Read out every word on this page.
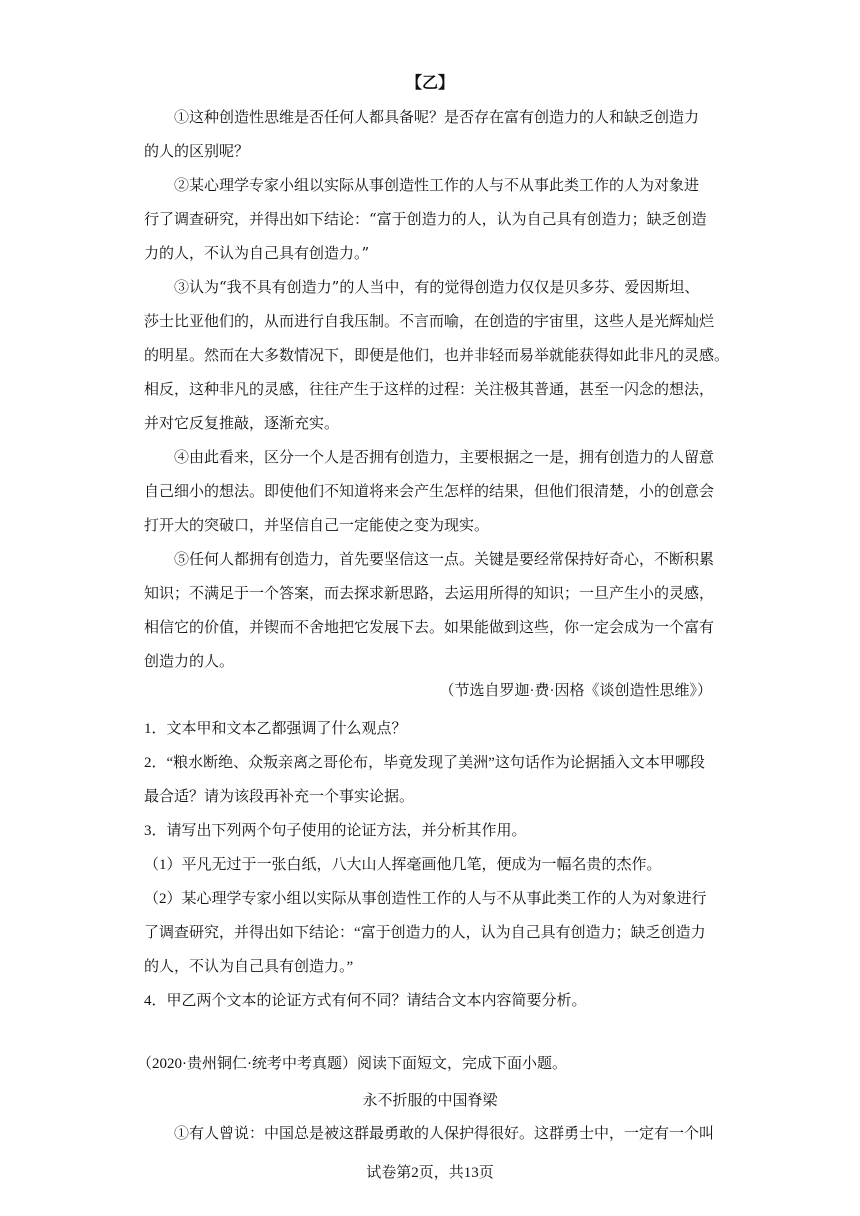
【乙】
①这种创造性思维是否任何人都具备呢？是否存在富有创造力的人和缺乏创造力
的人的区别呢？
②某心理学专家小组以实际从事创造性工作的人与不从事此类工作的人为对象进
行了调查研究，并得出如下结论：“富于创造力的人，认为自己具有创造力；缺乏创造
力的人，不认为自己具有创造力。”
③认为“我不具有创造力”的人当中，有的觉得创造力仅仅是贝多芬、爱因斯坦、
莎士比亚他们的，从而进行自我压制。不言而喻，在创造的宇宙里，这些人是光辉灿烂
的明星。然而在大多数情况下，即便是他们，也并非轻而易举就能获得如此非凡的灵感。
相反，这种非凡的灵感，往往产生于这样的过程：关注极其普通，甚至一闪念的想法，
并对它反复推敲，逐渐充实。
④由此看来，区分一个人是否拥有创造力，主要根据之一是，拥有创造力的人留意
自己细小的想法。即使他们不知道将来会产生怎样的结果，但他们很清楚，小的创意会
打开大的突破口，并坚信自己一定能使之变为现实。
⑤任何人都拥有创造力，首先要坚信这一点。关键是要经常保持好奇心，不断积累
知识；不满足于一个答案，而去探求新思路，去运用所得的知识；一旦产生小的灵感，
相信它的价值，并锲而不舍地把它发展下去。如果能做到这些，你一定会成为一个富有
创造力的人。
（节选自罗迦·费·因格《谈创造性思维》）
1．文本甲和文本乙都强调了什么观点？
2．“粮水断绝、众叛亲离之哥伦布，毕竟发现了美洲”这句话作为论据插入文本甲哪段
最合适？请为该段再补充一个事实论据。
3．请写出下列两个句子使用的论证方法，并分析其作用。
（1）平凡无过于一张白纸，八大山人挥毫画他几笔，便成为一幅名贵的杰作。
（2）某心理学专家小组以实际从事创造性工作的人与不从事此类工作的人为对象进行
了调查研究，并得出如下结论：“富于创造力的人，认为自己具有创造力；缺乏创造力
的人，不认为自己具有创造力。”
4．甲乙两个文本的论证方式有何不同？请结合文本内容简要分析。
（2020·贵州铜仁·统考中考真题）阅读下面短文，完成下面小题。
永不折服的中国脊梁
①有人曾说：中国总是被这群最勇敢的人保护得很好。这群勇士中，一定有一个叫
试卷第2页，共13页
